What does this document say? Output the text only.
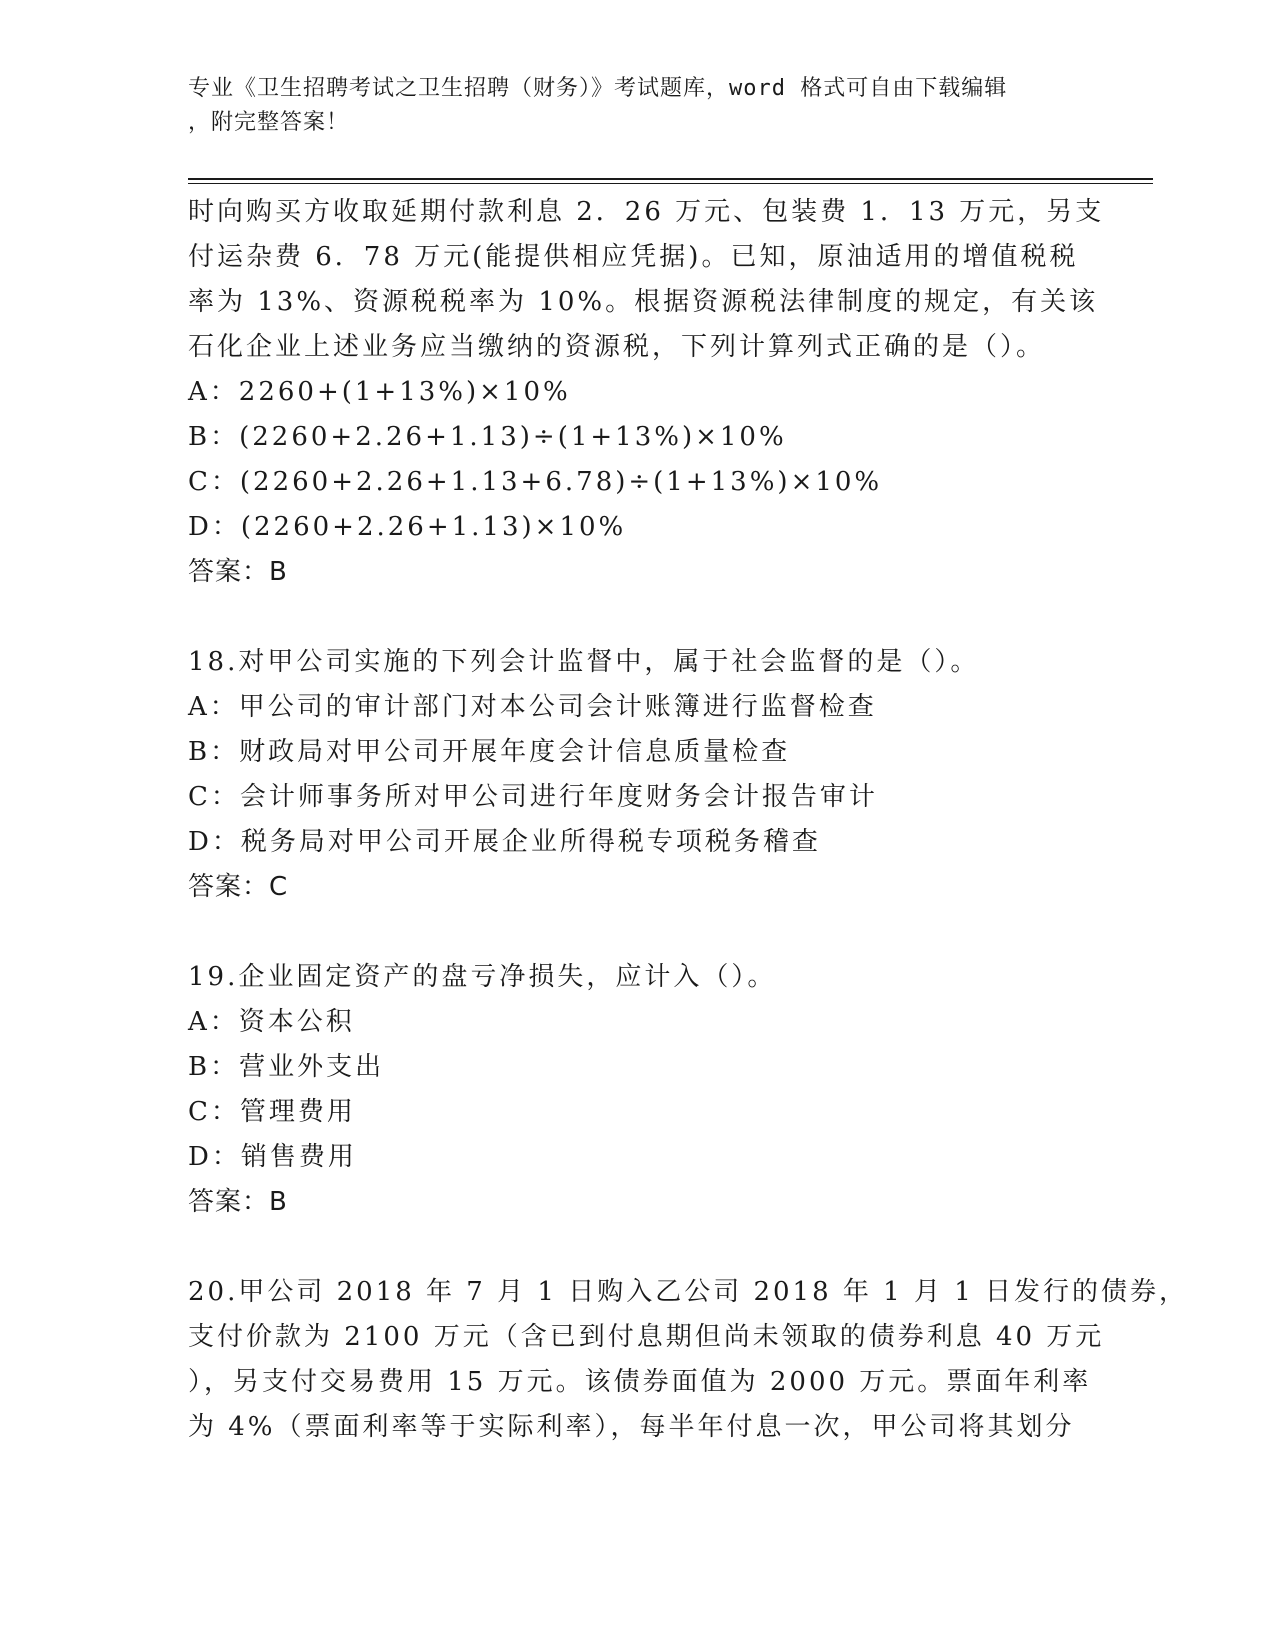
专业《卫生招聘考试之卫生招聘（财务）》考试题库，word 格式可自由下载编辑
，附完整答案！
时向购买方收取延期付款利息 2．26 万元、包装费 1．13 万元，另支
付运杂费 6．78 万元(能提供相应凭据)。已知，原油适用的增值税税
率为 13%、资源税税率为 10%。根据资源税法律制度的规定，有关该
石化企业上述业务应当缴纳的资源税，下列计算列式正确的是（）。
A：2260+(1+13%)×10%
B：(2260+2.26+1.13)÷(1+13%)×10%
C：(2260+2.26+1.13+6.78)÷(1+13%)×10%
D：(2260+2.26+1.13)×10%
答案：B
18.对甲公司实施的下列会计监督中，属于社会监督的是（）。
A：甲公司的审计部门对本公司会计账簿进行监督检查
B：财政局对甲公司开展年度会计信息质量检查
C：会计师事务所对甲公司进行年度财务会计报告审计
D：税务局对甲公司开展企业所得税专项税务稽查
答案：C
19.企业固定资产的盘亏净损失，应计入（）。
A：资本公积
B：营业外支出
C：管理费用
D：销售费用
答案：B
20.甲公司 2018 年 7 月 1 日购入乙公司 2018 年 1 月 1 日发行的债券，
支付价款为 2100 万元（含已到付息期但尚未领取的债券利息 40 万元
），另支付交易费用 15 万元。该债券面值为 2000 万元。票面年利率
为 4%（票面利率等于实际利率），每半年付息一次，甲公司将其划分
